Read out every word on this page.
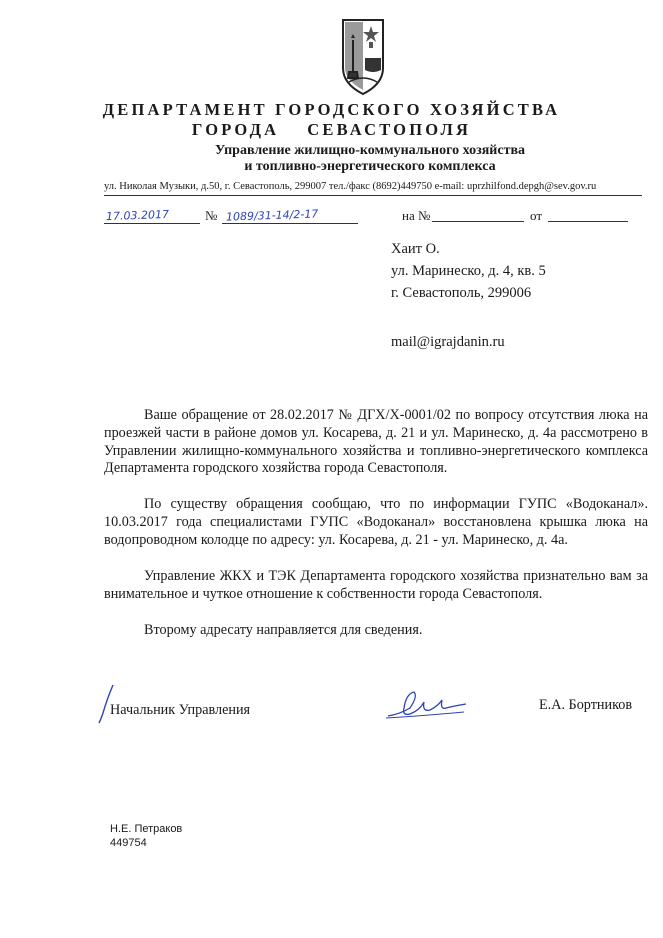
ДЕПАРТАМЕНТ ГОРОДСКОГО ХОЗЯЙСТВА
ГОРОДА СЕВАСТОПОЛЯ
Управление жилищно-коммунального хозяйства
и топливно-энергетического комплекса
ул. Николая Музыки, д.50, г. Севастополь, 299007 тел./факс (8692)449750 e-mail: uprzhilfond.depgh@sev.gov.ru
17.03.2017	№ 1089/31-14/2-17	на №	от
Хаит О.
ул. Маринеско, д. 4, кв. 5
г. Севастополь, 299006
mail@igrajdanin.ru
Ваше обращение от 28.02.2017 № ДГХ/Х-0001/02 по вопросу отсутствия люка на проезжей части в районе домов ул. Косарева, д. 21 и ул. Маринеско, д. 4а рассмотрено в Управлении жилищно-коммунального хозяйства и топливно-энергетического комплекса Департамента городского хозяйства города Севастополя.
По существу обращения сообщаю, что по информации ГУПС «Водоканал». 10.03.2017 года специалистами ГУПС «Водоканал» восстановлена крышка люка на водопроводном колодце по адресу: ул. Косарева, д. 21 - ул. Маринеско, д. 4а.
Управление ЖКХ и ТЭК Департамента городского хозяйства признательно вам за внимательное и чуткое отношение к собственности города Севастополя.
Второму адресату направляется для сведения.
Начальник Управления	Е.А. Бортников
Н.Е. Петраков
449754
